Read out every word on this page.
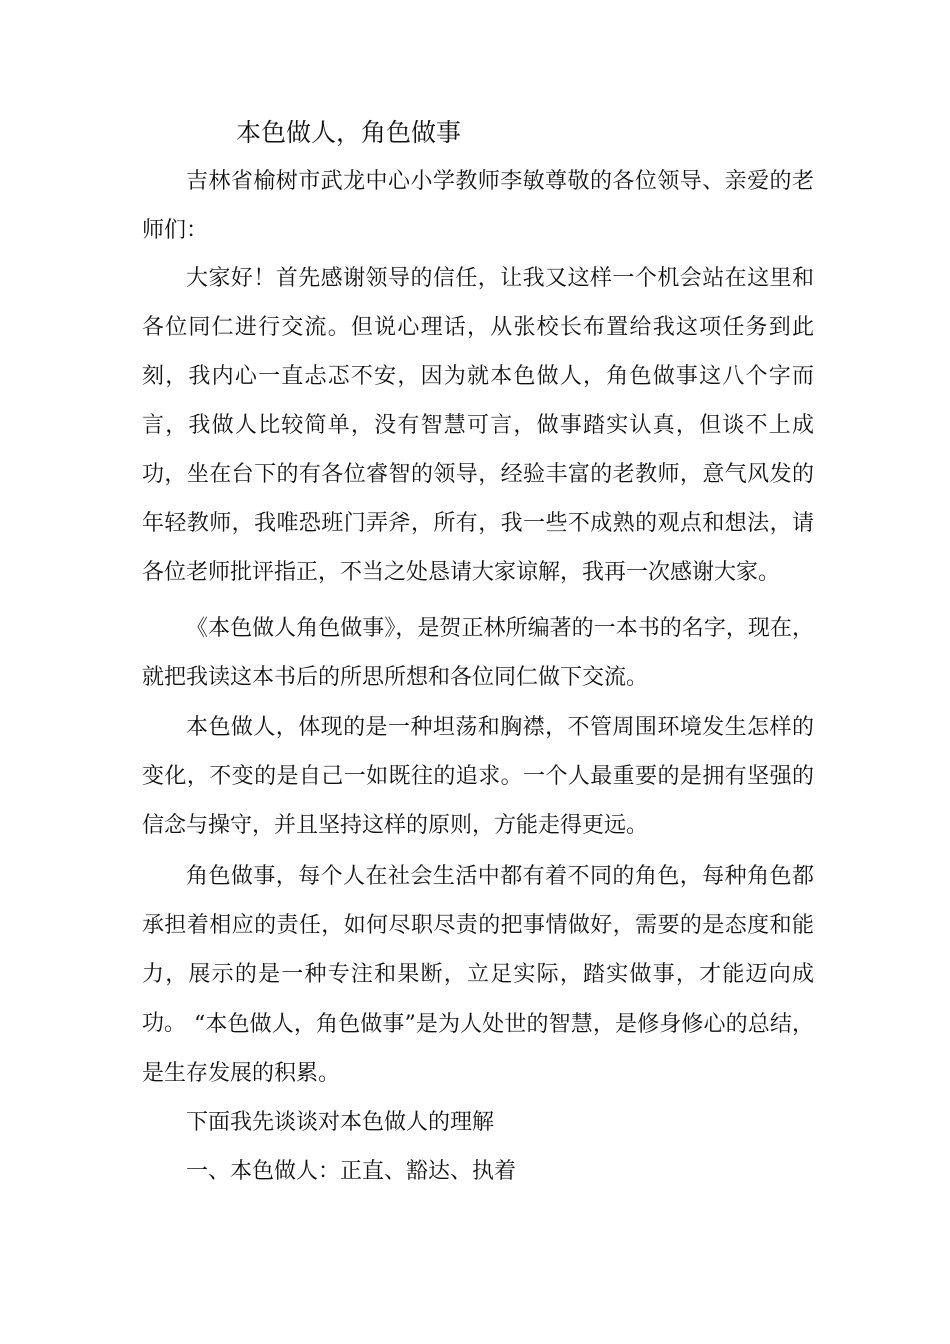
本色做人，角色做事

吉林省榆树市武龙中心小学教师李敏尊敬的各位领导、亲爱的老师们：

大家好！首先感谢领导的信任，让我又这样一个机会站在这里和各位同仁进行交流。但说心理话，从张校长布置给我这项任务到此刻，我内心一直忐忑不安，因为就本色做人，角色做事这八个字而言，我做人比较简单，没有智慧可言，做事踏实认真，但谈不上成功，坐在台下的有各位睿智的领导，经验丰富的老教师，意气风发的年轻教师，我唯恐班门弄斧，所有，我一些不成熟的观点和想法，请各位老师批评指正，不当之处恳请大家谅解，我再一次感谢大家。

《本色做人角色做事》，是贺正林所编著的一本书的名字，现在，就把我读这本书后的所思所想和各位同仁做下交流。

本色做人，体现的是一种坦荡和胸襟，不管周围环境发生怎样的变化，不变的是自己一如既往的追求。一个人最重要的是拥有坚强的信念与操守，并且坚持这样的原则，方能走得更远。

角色做事，每个人在社会生活中都有着不同的角色，每种角色都承担着相应的责任，如何尽职尽责的把事情做好，需要的是态度和能力，展示的是一种专注和果断，立足实际，踏实做事，才能迈向成功。 “本色做人，角色做事”是为人处世的智慧，是修身修心的总结，是生存发展的积累。

下面我先谈谈对本色做人的理解

一、本色做人：正直、豁达、执着
